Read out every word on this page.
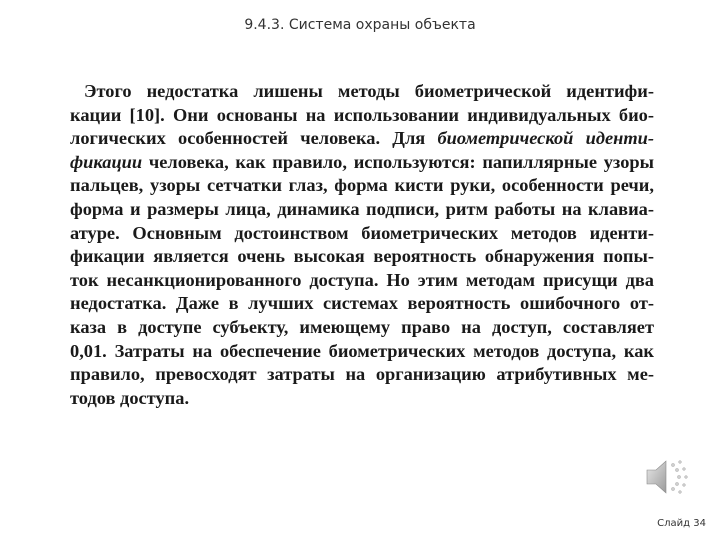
9.4.3. Система охраны объекта
Этого недостатка лишены методы биометрической идентифи-
кации [10]. Они основаны на использовании индивидуальных био-
логических особенностей человека. Для биометрической иденти-
фикации человека, как правило, используются: папиллярные узоры
пальцев, узоры сетчатки глаз, форма кисти руки, особенности речи,
форма и размеры лица, динамика подписи, ритм работы на клавиа-
атуре. Основным достоинством биометрических методов иденти-
фикации является очень высокая вероятность обнаружения попы-
ток несанкционированного доступа. Но этим методам присущи два
недостатка. Даже в лучших системах вероятность ошибочного от-
каза в доступе субъекту, имеющему право на доступ, составляет
0,01. Затраты на обеспечение биометрических методов доступа, как
правило, превосходят затраты на организацию атрибутивных ме-
тодов доступа.
Слайд 34
